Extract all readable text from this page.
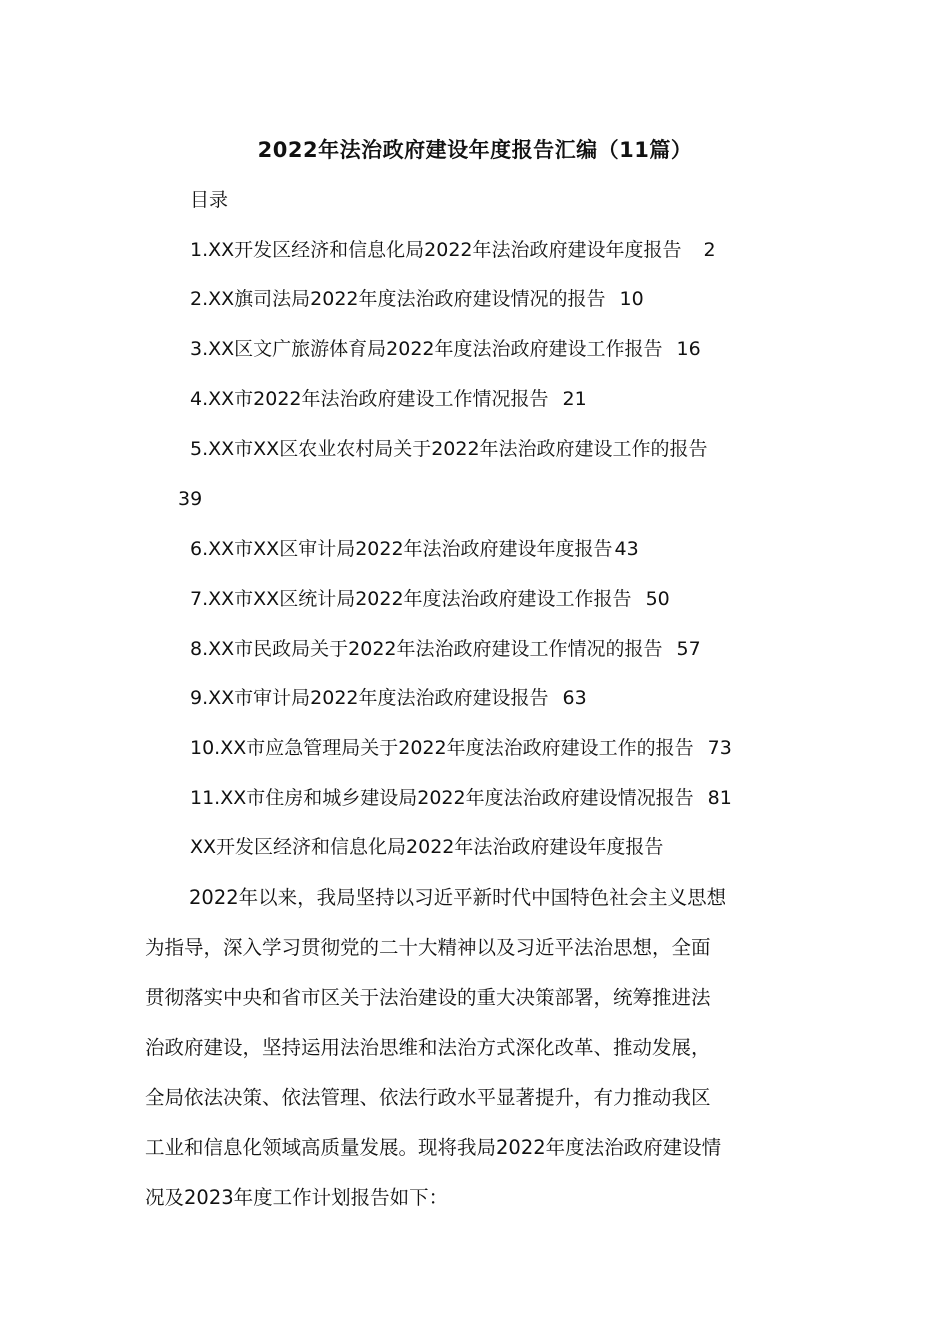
2022年法治政府建设年度报告汇编（11篇）
目录
1.XX开发区经济和信息化局2022年法治政府建设年度报告 2
2.XX旗司法局2022年度法治政府建设情况的报告 10
3.XX区文广旅游体育局2022年度法治政府建设工作报告 16
4.XX市2022年法治政府建设工作情况报告 21
5.XX市XX区农业农村局关于2022年法治政府建设工作的报告
39
6.XX市XX区审计局2022年法治政府建设年度报告 43
7.XX市XX区统计局2022年度法治政府建设工作报告 50
8.XX市民政局关于2022年法治政府建设工作情况的报告 57
9.XX市审计局2022年度法治政府建设报告 63
10.XX市应急管理局关于2022年度法治政府建设工作的报告 73
11.XX市住房和城乡建设局2022年度法治政府建设情况报告 81
XX开发区经济和信息化局2022年法治政府建设年度报告
2022年以来，我局坚持以习近平新时代中国特色社会主义思想
为指导，深入学习贯彻党的二十大精神以及习近平法治思想，全面
贯彻落实中央和省市区关于法治建设的重大决策部署，统筹推进法
治政府建设，坚持运用法治思维和法治方式深化改革、推动发展，
全局依法决策、依法管理、依法行政水平显著提升，有力推动我区
工业和信息化领域高质量发展。现将我局2022年度法治政府建设情
况及2023年度工作计划报告如下：
